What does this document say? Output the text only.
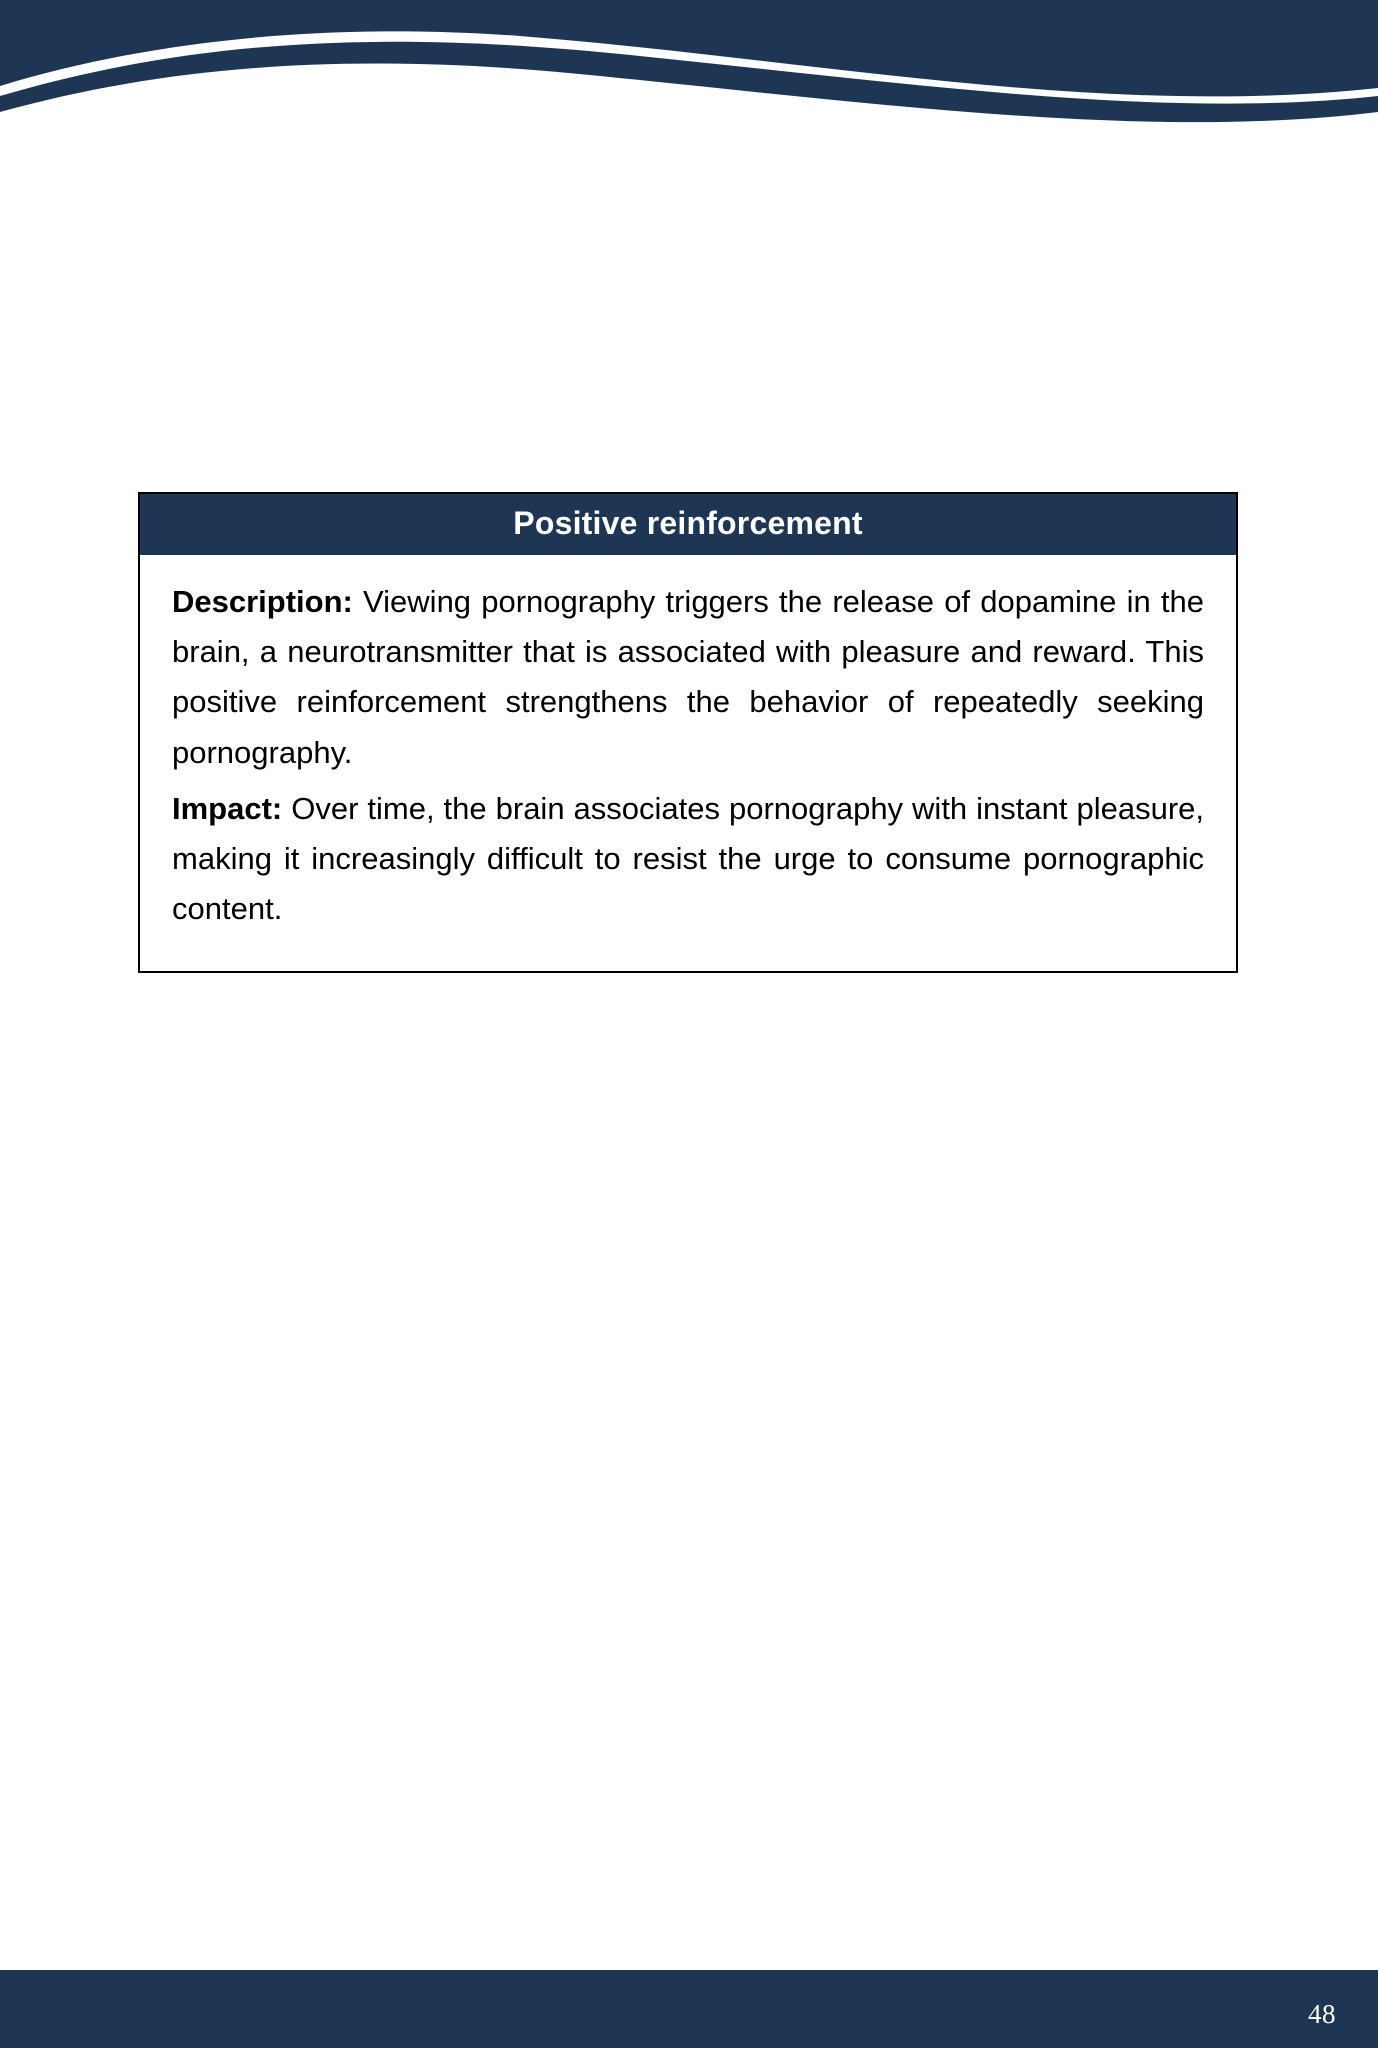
Positive reinforcement

Description: Viewing pornography triggers the release of dopamine in the brain, a neurotransmitter that is associated with pleasure and reward. This positive reinforcement strengthens the behavior of repeatedly seeking pornography.

Impact: Over time, the brain associates pornography with instant pleasure, making it increasingly difficult to resist the urge to consume pornographic content.

48
